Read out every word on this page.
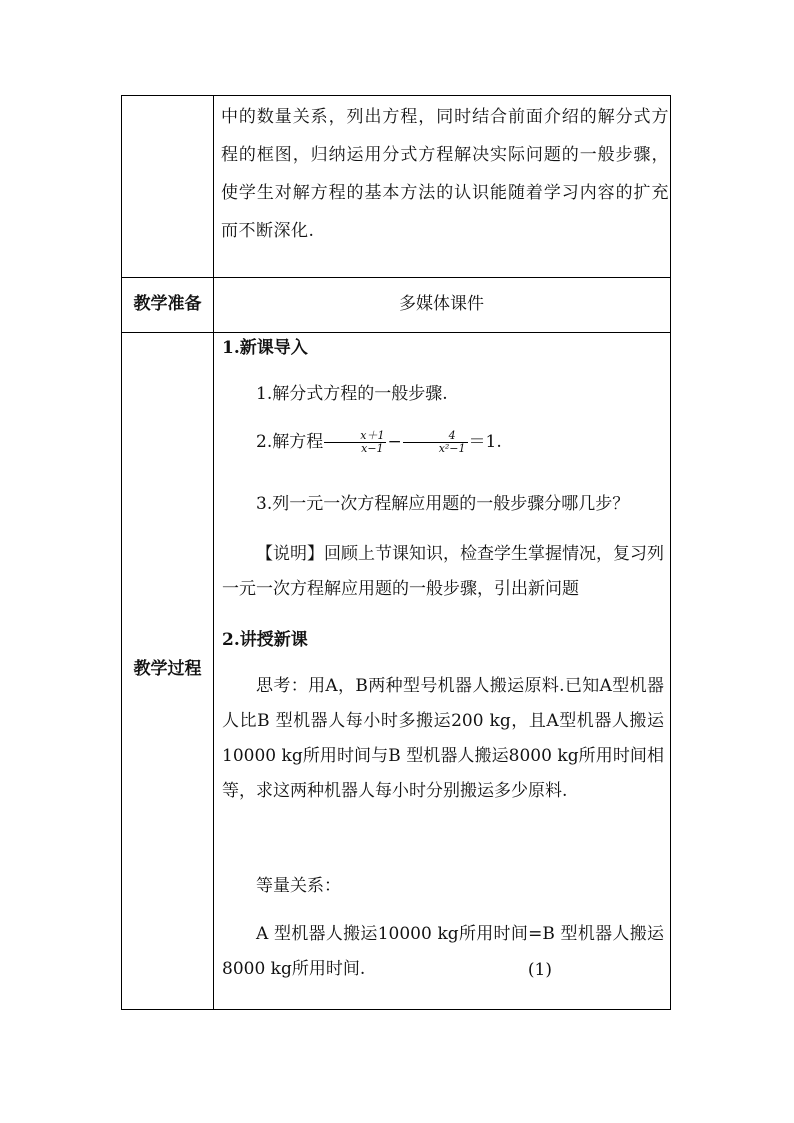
中的数量关系，列出方程，同时结合前面介绍的解分式方程的框图，归纳运用分式方程解决实际问题的一般步骤，使学生对解方程的基本方法的认识能随着学习内容的扩充而不断深化.
教学准备	多媒体课件
教学过程
1.新课导入
1.解分式方程的一般步骤.
2.解方程 $\frac{x+1}{x-1} - \frac{4}{\text{x²−1}} =1$.
3.列一元一次方程解应用题的一般步骤分哪几步？
【说明】回顾上节课知识，检查学生掌握情况，复习列一元一次方程解应用题的一般步骤，引出新问题
2.讲授新课
思考：用A，B两种型号机器人搬运原料.已知A型机器人比B 型机器人每小时多搬运200 kg，且A型机器人搬运10000 kg所用时间与B 型机器人搬运8000 kg所用时间相等，求这两种机器人每小时分别搬运多少原料.
等量关系：
A 型机器人搬运10000 kg所用时间=B 型机器人搬运 8000 kg所用时间.	(1)
